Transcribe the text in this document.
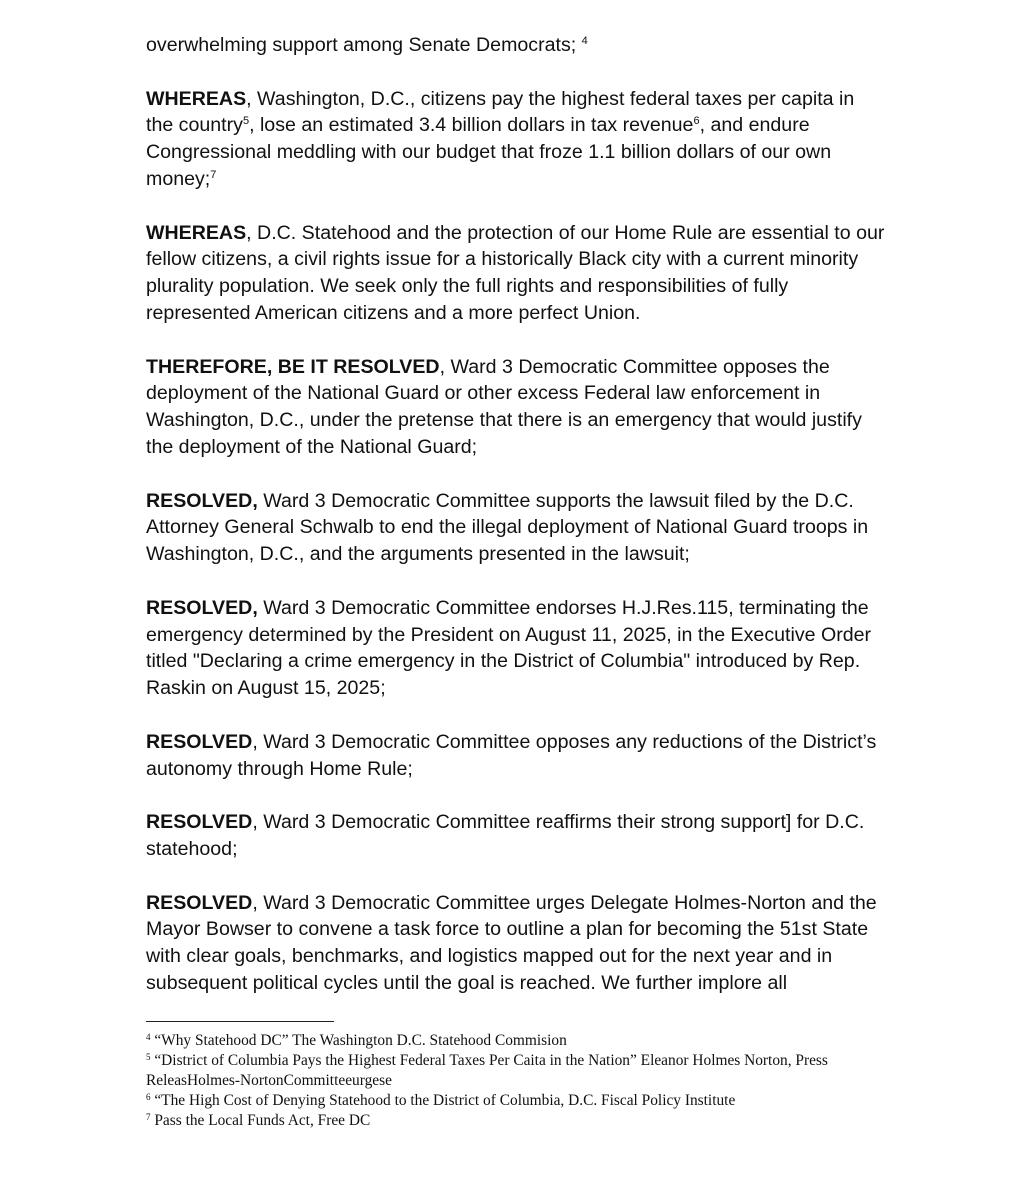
overwhelming support among Senate Democrats; $^4$

WHEREAS, Washington, D.C., citizens pay the highest federal taxes per capita in the country$^5$, lose an estimated 3.4 billion dollars in tax revenue$^6$, and endure Congressional meddling with our budget that froze 1.1 billion dollars of our own money;$^7$

WHEREAS, D.C. Statehood and the protection of our Home Rule are essential to our fellow citizens, a civil rights issue for a historically Black city with a current minority plurality population. We seek only the full rights and responsibilities of fully represented American citizens and a more perfect Union.

THEREFORE, BE IT RESOLVED, Ward 3 Democratic Committee opposes the deployment of the National Guard or other excess Federal law enforcement in Washington, D.C., under the pretense that there is an emergency that would justify the deployment of the National Guard;

RESOLVED, Ward 3 Democratic Committee supports the lawsuit filed by the D.C. Attorney General Schwalb to end the illegal deployment of National Guard troops in Washington, D.C., and the arguments presented in the lawsuit;

RESOLVED, Ward 3 Democratic Committee endorses H.J.Res.115, terminating the emergency determined by the President on August 11, 2025, in the Executive Order titled "Declaring a crime emergency in the District of Columbia" introduced by Rep. Raskin on August 15, 2025;

RESOLVED, Ward 3 Democratic Committee opposes any reductions of the District’s autonomy through Home Rule;

RESOLVED, Ward 3 Democratic Committee reaffirms their strong support] for D.C. statehood;

RESOLVED, Ward 3 Democratic Committee urges Delegate Holmes-Norton and the Mayor Bowser to convene a task force to outline a plan for becoming the 51st State with clear goals, benchmarks, and logistics mapped out for the next year and in subsequent political cycles until the goal is reached. We further implore all

$^4$ “Why Statehood DC” The Washington D.C. Statehood Commision

$^5$ “District of Columbia Pays the Highest Federal Taxes Per Caita in the Nation” Eleanor Holmes Norton, Press ReleasHolmes-NortonCommitteeurgese

$^6$ “The High Cost of Denying Statehood to the District of Columbia, D.C. Fiscal Policy Institute

$^7$ Pass the Local Funds Act, Free DC
